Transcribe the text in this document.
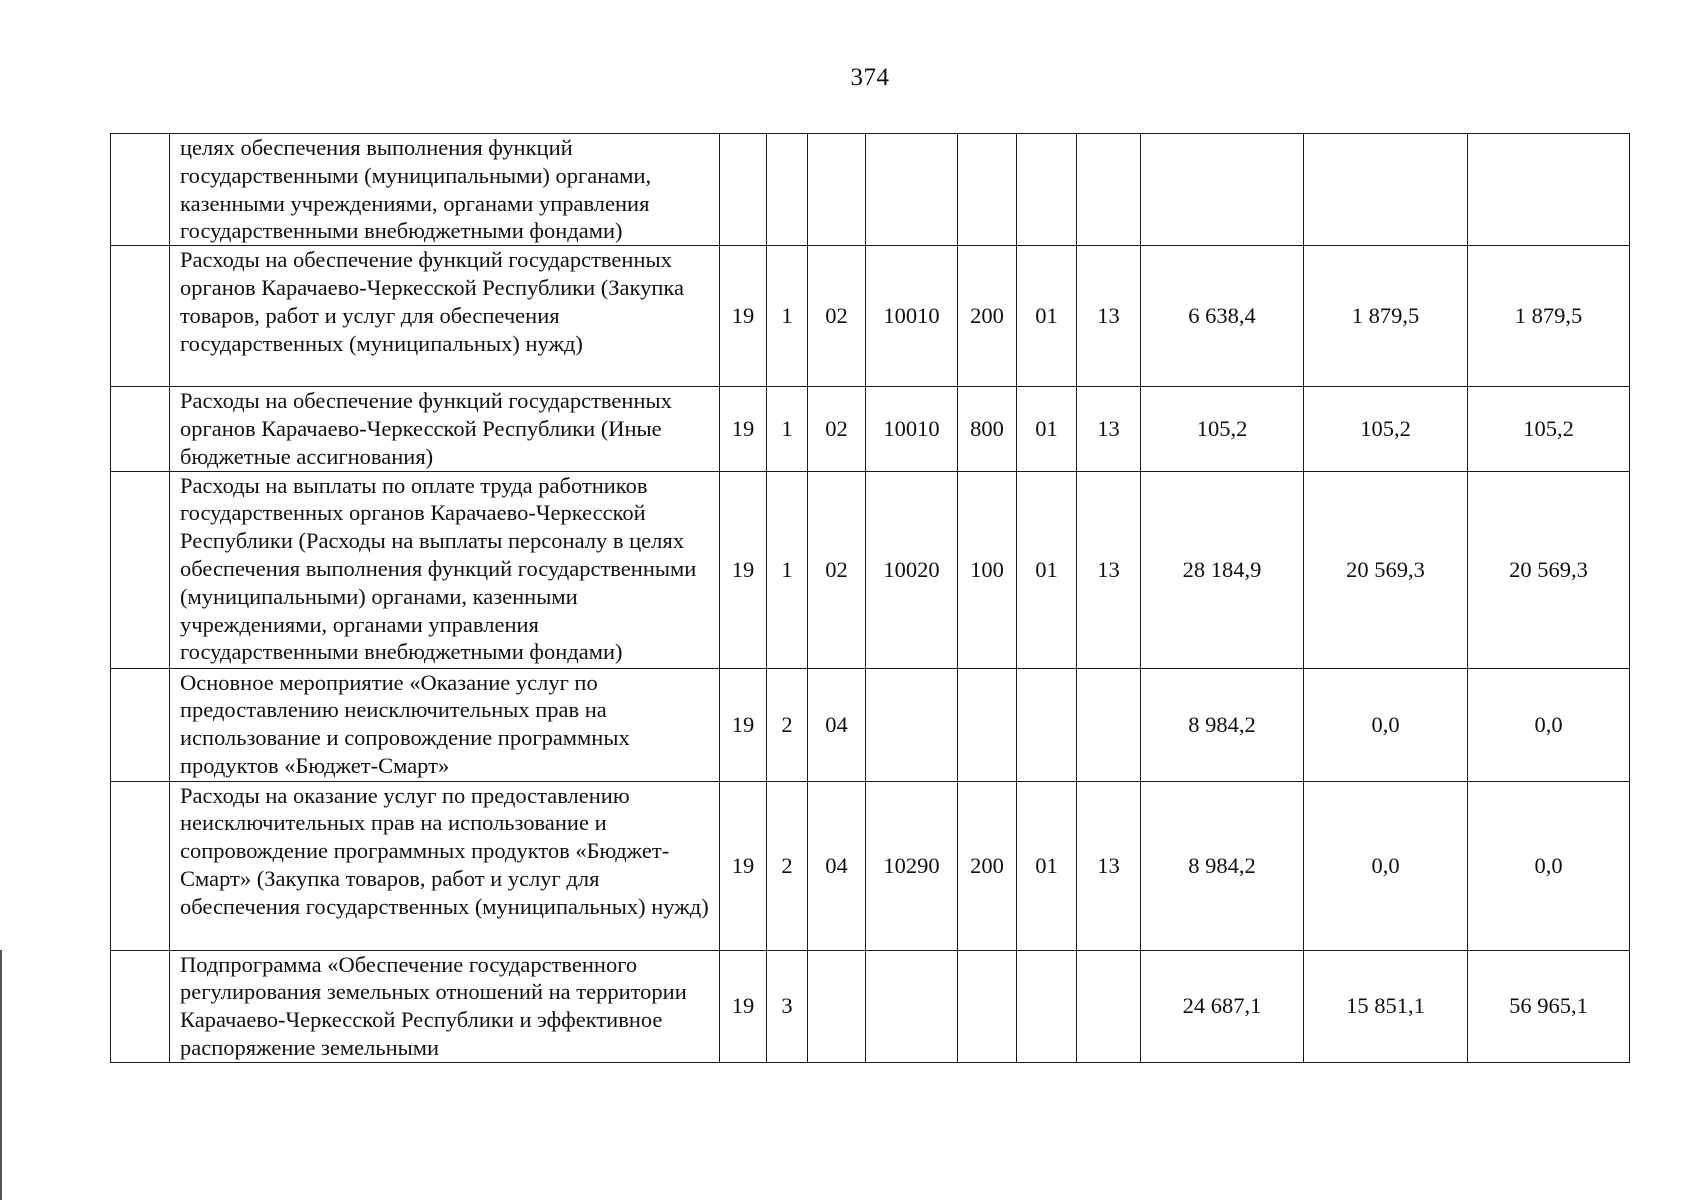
374
	целях обеспечения выполнения функций государственными (муниципальными) органами, казенными учреждениями, органами управления государственными внебюджетными фондами)										
	Расходы на обеспечение функций государственных органов Карачаево-Черкесской Республики (Закупка товаров, работ и услуг для обеспечения государственных (муниципальных) нужд)	19	1	02	10010	200	01	13	6 638,4	1 879,5	1 879,5
	Расходы на обеспечение функций государственных органов Карачаево-Черкесской Республики (Иные бюджетные ассигнования)	19	1	02	10010	800	01	13	105,2	105,2	105,2
	Расходы на выплаты по оплате труда работников государственных органов Карачаево-Черкесской Республики (Расходы на выплаты персоналу в целях обеспечения выполнения функций государственными (муниципальными) органами, казенными учреждениями, органами управления государственными внебюджетными фондами)	19	1	02	10020	100	01	13	28 184,9	20 569,3	20 569,3
	Основное мероприятие «Оказание услуг по предоставлению неисключительных прав на использование и сопровождение программных продуктов «Бюджет-Смарт»	19	2	04					8 984,2	0,0	0,0
	Расходы на оказание услуг по предоставлению неисключительных прав на использование и сопровождение программных продуктов «Бюджет-Смарт» (Закупка товаров, работ и услуг для обеспечения государственных (муниципальных) нужд)	19	2	04	10290	200	01	13	8 984,2	0,0	0,0
	Подпрограмма «Обеспечение государственного регулирования земельных отношений на территории Карачаево-Черкесской Республики и эффективное распоряжение земельными	19	3						24 687,1	15 851,1	56 965,1
